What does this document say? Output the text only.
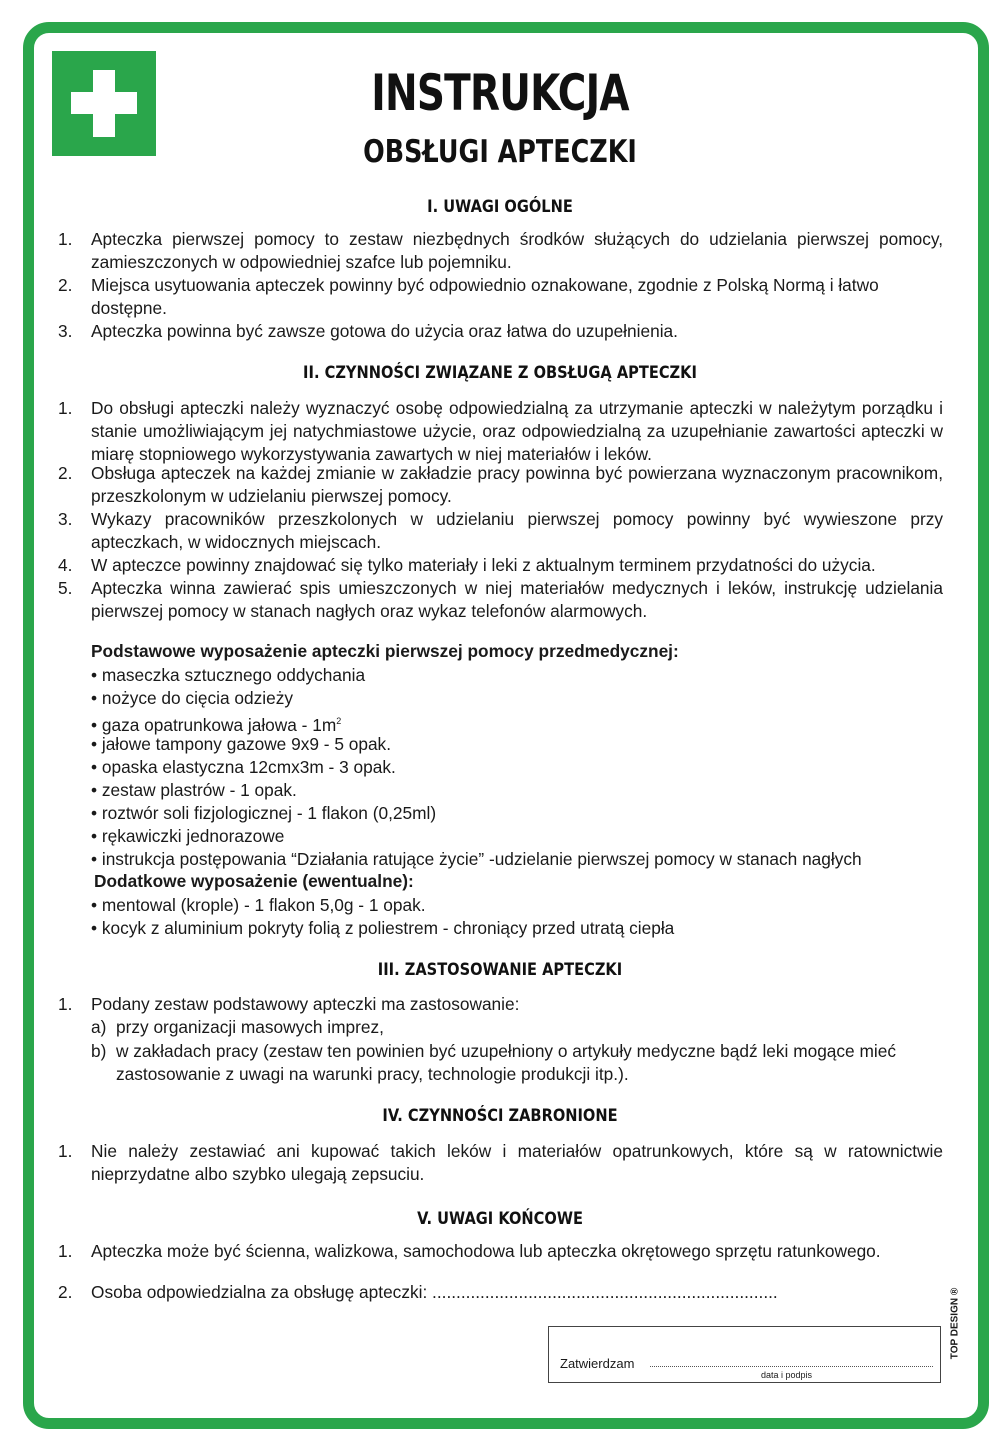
INSTRUKCJA
OBSŁUGI APTECZKI
I. UWAGI OGÓLNE
1.	Apteczka pierwszej pomocy to zestaw niezbędnych środków służących do udzielania pierwszej pomocy, zamieszczonych w odpowiedniej szafce lub pojemniku.
2.	Miejsca usytuowania apteczek powinny być odpowiednio oznakowane, zgodnie z Polską Normą i łatwo dostępne.
3.	Apteczka powinna być zawsze gotowa do użycia oraz łatwa do uzupełnienia.
II. CZYNNOŚCI ZWIĄZANE Z OBSŁUGĄ APTECZKI
1.	Do obsługi apteczki należy wyznaczyć osobę odpowiedzialną za utrzymanie apteczki w należytym porządku i stanie umożliwiającym jej natychmiastowe użycie, oraz odpowiedzialną za uzupełnianie zawartości apteczki w miarę stopniowego wykorzystywania zawartych w niej materiałów i leków.
2.	Obsługa apteczek na każdej zmianie w zakładzie pracy powinna być powierzana wyznaczonym pracownikom, przeszkolonym w udzielaniu pierwszej pomocy.
3.	Wykazy pracowników przeszkolonych w udzielaniu pierwszej pomocy powinny być wywieszone przy apteczkach, w widocznych miejscach.
4.	W apteczce powinny znajdować się tylko materiały i leki z aktualnym terminem przydatności do użycia.
5.	Apteczka winna zawierać spis umieszczonych w niej materiałów medycznych i leków, instrukcję udzielania pierwszej pomocy w stanach nagłych oraz wykaz telefonów alarmowych.
Podstawowe wyposażenie apteczki pierwszej pomocy przedmedycznej:
• maseczka sztucznego oddychania
• nożyce do cięcia odzieży
• gaza opatrunkowa jałowa - $1m^2$
• jałowe tampony gazowe 9x9 - 5 opak.
• opaska elastyczna 12cmx3m - 3 opak.
• zestaw plastrów - 1 opak.
• roztwór soli fizjologicznej - 1 flakon (0,25ml)
• rękawiczki jednorazowe
• instrukcja postępowania “Działania ratujące życie” -udzielanie pierwszej pomocy w stanach nagłych
Dodatkowe wyposażenie (ewentualne):
• mentowal (krople) - 1 flakon 5,0g - 1 opak.
• kocyk z aluminium pokryty folią z poliestrem - chroniący przed utratą ciepła
III. ZASTOSOWANIE APTECZKI
1.	Podany zestaw podstawowy apteczki ma zastosowanie:
a) przy organizacji masowych imprez,
b) w zakładach pracy (zestaw ten powinien być uzupełniony o artykuły medyczne bądź leki mogące mieć zastosowanie z uwagi na warunki pracy, technologie produkcji itp.).
IV. CZYNNOŚCI ZABRONIONE
1.	Nie należy zestawiać ani kupować takich leków i materiałów opatrunkowych, które są w ratownictwie nieprzydatne albo szybko ulegają zepsuciu.
V. UWAGI KOŃCOWE
1.	Apteczka może być ścienna, walizkowa, samochodowa lub apteczka okrętowego sprzętu ratunkowego.
2.	Osoba odpowiedzialna za obsługę apteczki: ........................................................................
Zatwierdzam
data i podpis
TOP DESIGN ®
